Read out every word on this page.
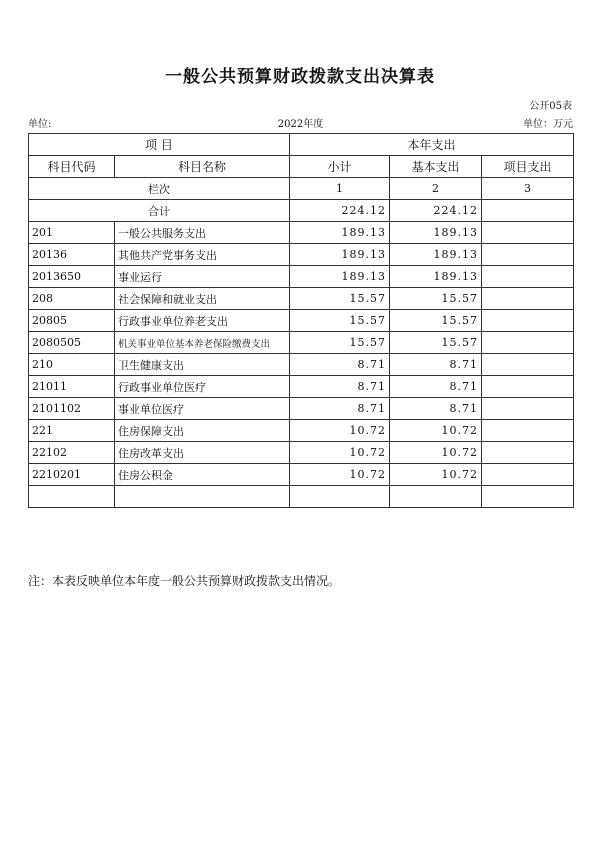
一般公共预算财政拨款支出决算表
公开05表
单位:	2022年度	单位：万元
项 目		本年支出		
科目代码	科目名称	小计	基本支出	项目支出
栏次		1	2	3
合计		224.12	224.12	
201	一般公共服务支出	189.13	189.13	
20136	其他共产党事务支出	189.13	189.13	
2013650	事业运行	189.13	189.13	
208	社会保障和就业支出	15.57	15.57	
20805	行政事业单位养老支出	15.57	15.57	
2080505	机关事业单位基本养老保险缴费支出	15.57	15.57	
210	卫生健康支出	8.71	8.71	
21011	行政事业单位医疗	8.71	8.71	
2101102	事业单位医疗	8.71	8.71	
221	住房保障支出	10.72	10.72	
22102	住房改革支出	10.72	10.72	
2210201	住房公积金	10.72	10.72	

注：本表反映单位本年度一般公共预算财政拨款支出情况。
